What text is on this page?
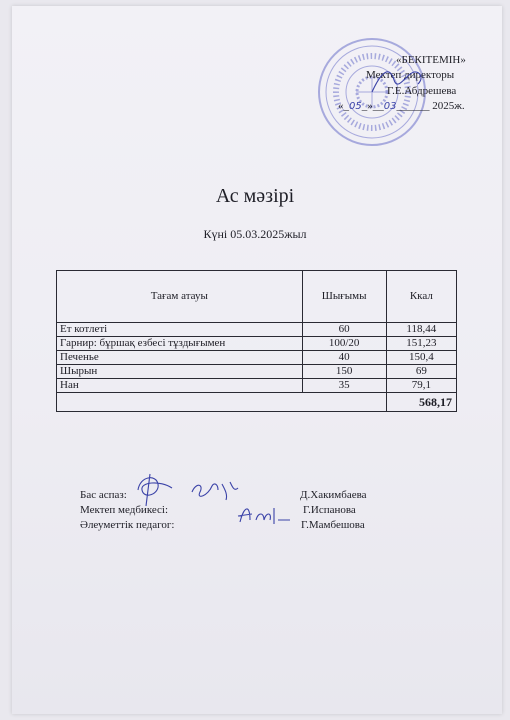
«БЕКІТЕМІН»
Мектеп директоры
Г.Е.Абдрешева
«_05_»__03______ 2025ж.
Ас мәзірі
Күні 05.03.2025жыл
Тағам атауы	Шығымы	Ккал
Ет котлеті	60	118,44
Гарнир: бұршақ езбесі тұздығымен	100/20	151,23
Печенье	40	150,4
Шырын	150	69
Нан	35	79,1
		568,17
Бас аспаз:
Мектеп медбикесі:
Әлеуметтік педагог:
Д.Хакимбаева
Г.Испанова
Г.Мамбешова
